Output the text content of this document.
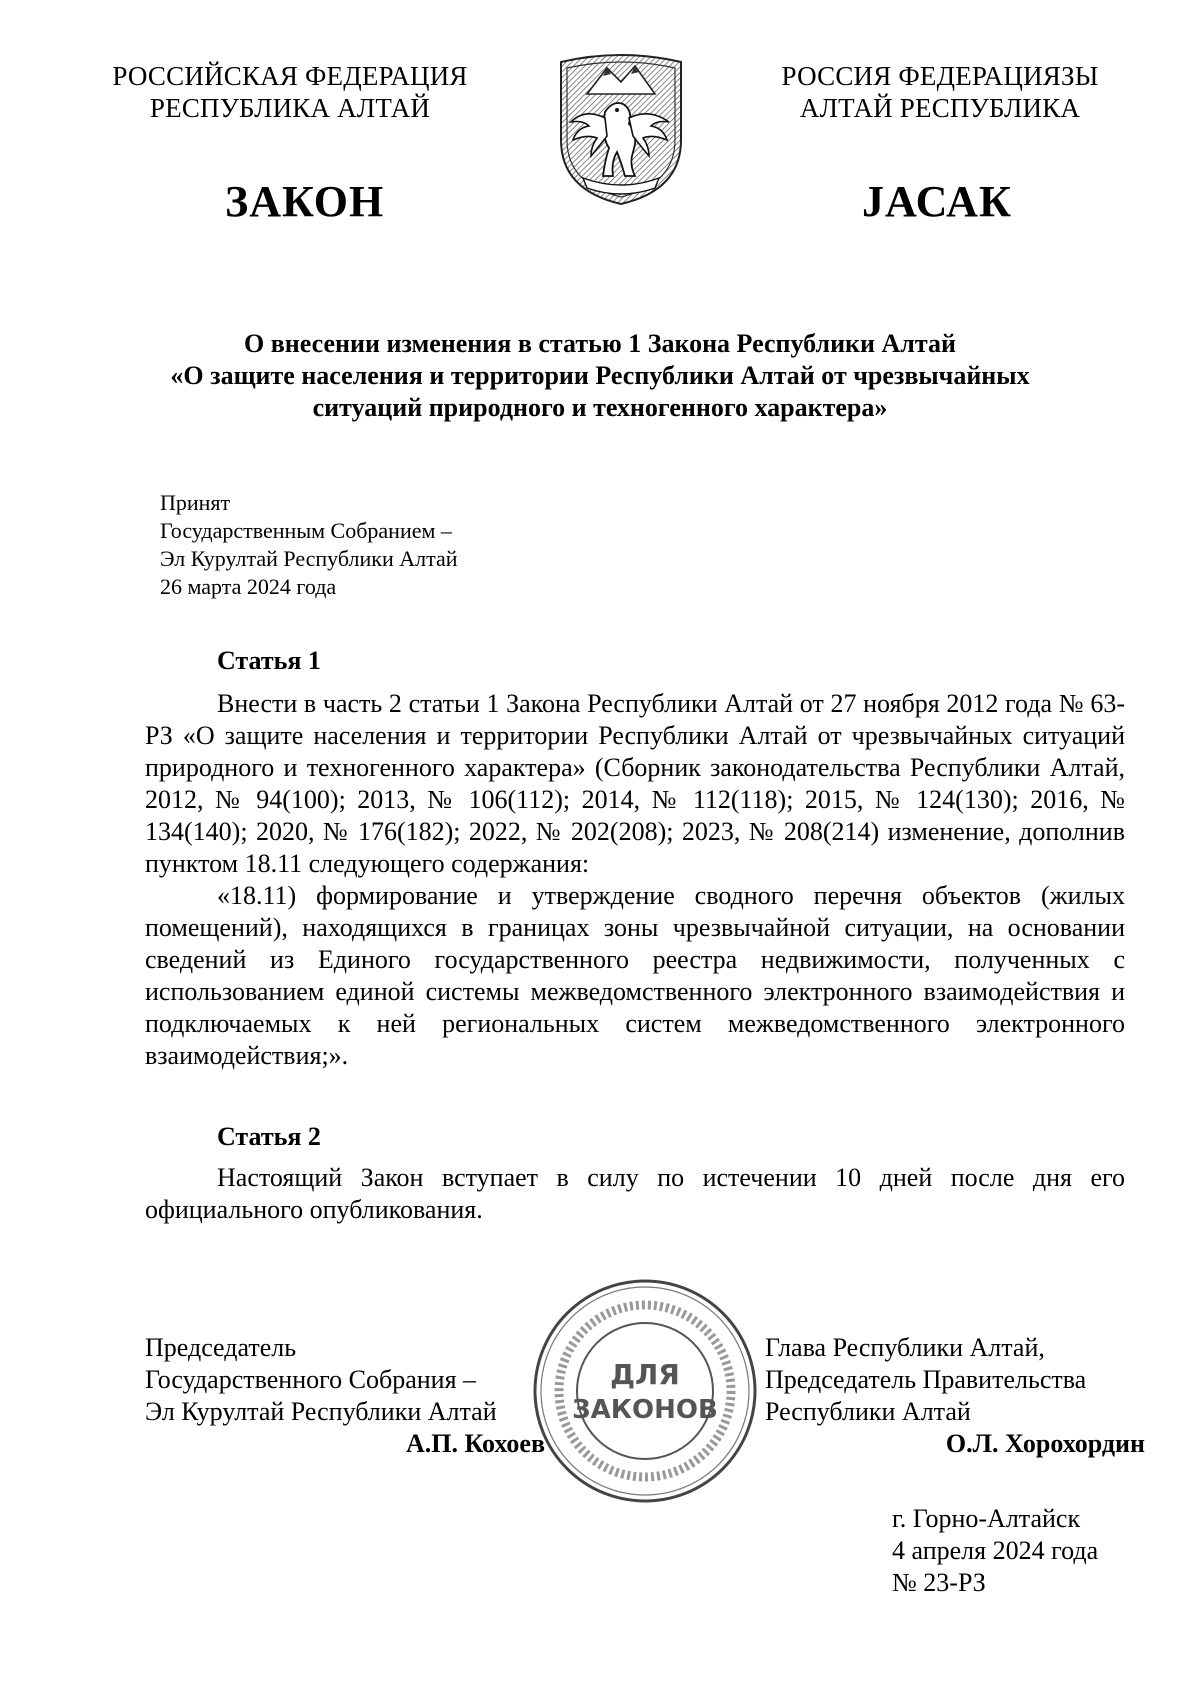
РОССИЙСКАЯ ФЕДЕРАЦИЯ
РЕСПУБЛИКА АЛТАЙ
РОССИЯ ФЕДЕРАЦИЯЗЫ
АЛТАЙ РЕСПУБЛИКА
ЗАКОН	JАСАК
О внесении изменения в статью 1 Закона Республики Алтай
«О защите населения и территории Республики Алтай от чрезвычайных
ситуаций природного и техногенного характера»
Принят
Государственным Собранием –
Эл Курултай Республики Алтай
26 марта 2024 года
Статья 1

Внести в часть 2 статьи 1 Закона Республики Алтай от 27 ноября 2012 года № 63-РЗ «О защите населения и территории Республики Алтай от чрезвычайных ситуаций природного и техногенного характера» (Сборник законодательства Республики Алтай, 2012, № 94(100); 2013, № 106(112); 2014, № 112(118); 2015, № 124(130); 2016, № 134(140); 2020, № 176(182); 2022, № 202(208); 2023, № 208(214) изменение, дополнив пунктом 18.11 следующего содержания:

«18.11) формирование и утверждение сводного перечня объектов (жилых помещений), находящихся в границах зоны чрезвычайной ситуации, на основании сведений из Единого государственного реестра недвижимости, полученных с использованием единой системы межведомственного электронного взаимодействия и подключаемых к ней региональных систем межведомственного электронного взаимодействия;».

Статья 2

Настоящий Закон вступает в силу по истечении 10 дней после дня его официального опубликования.

ДЛЯ
ЗАКОНОВ
Председатель
Государственного Собрания –
Эл Курултай Республики Алтай
А.П. Кохоев
Глава Республики Алтай,
Председатель Правительства
Республики Алтай
О.Л. Хорохордин
г. Горно-Алтайск
4 апреля 2024 года
№ 23-РЗ
